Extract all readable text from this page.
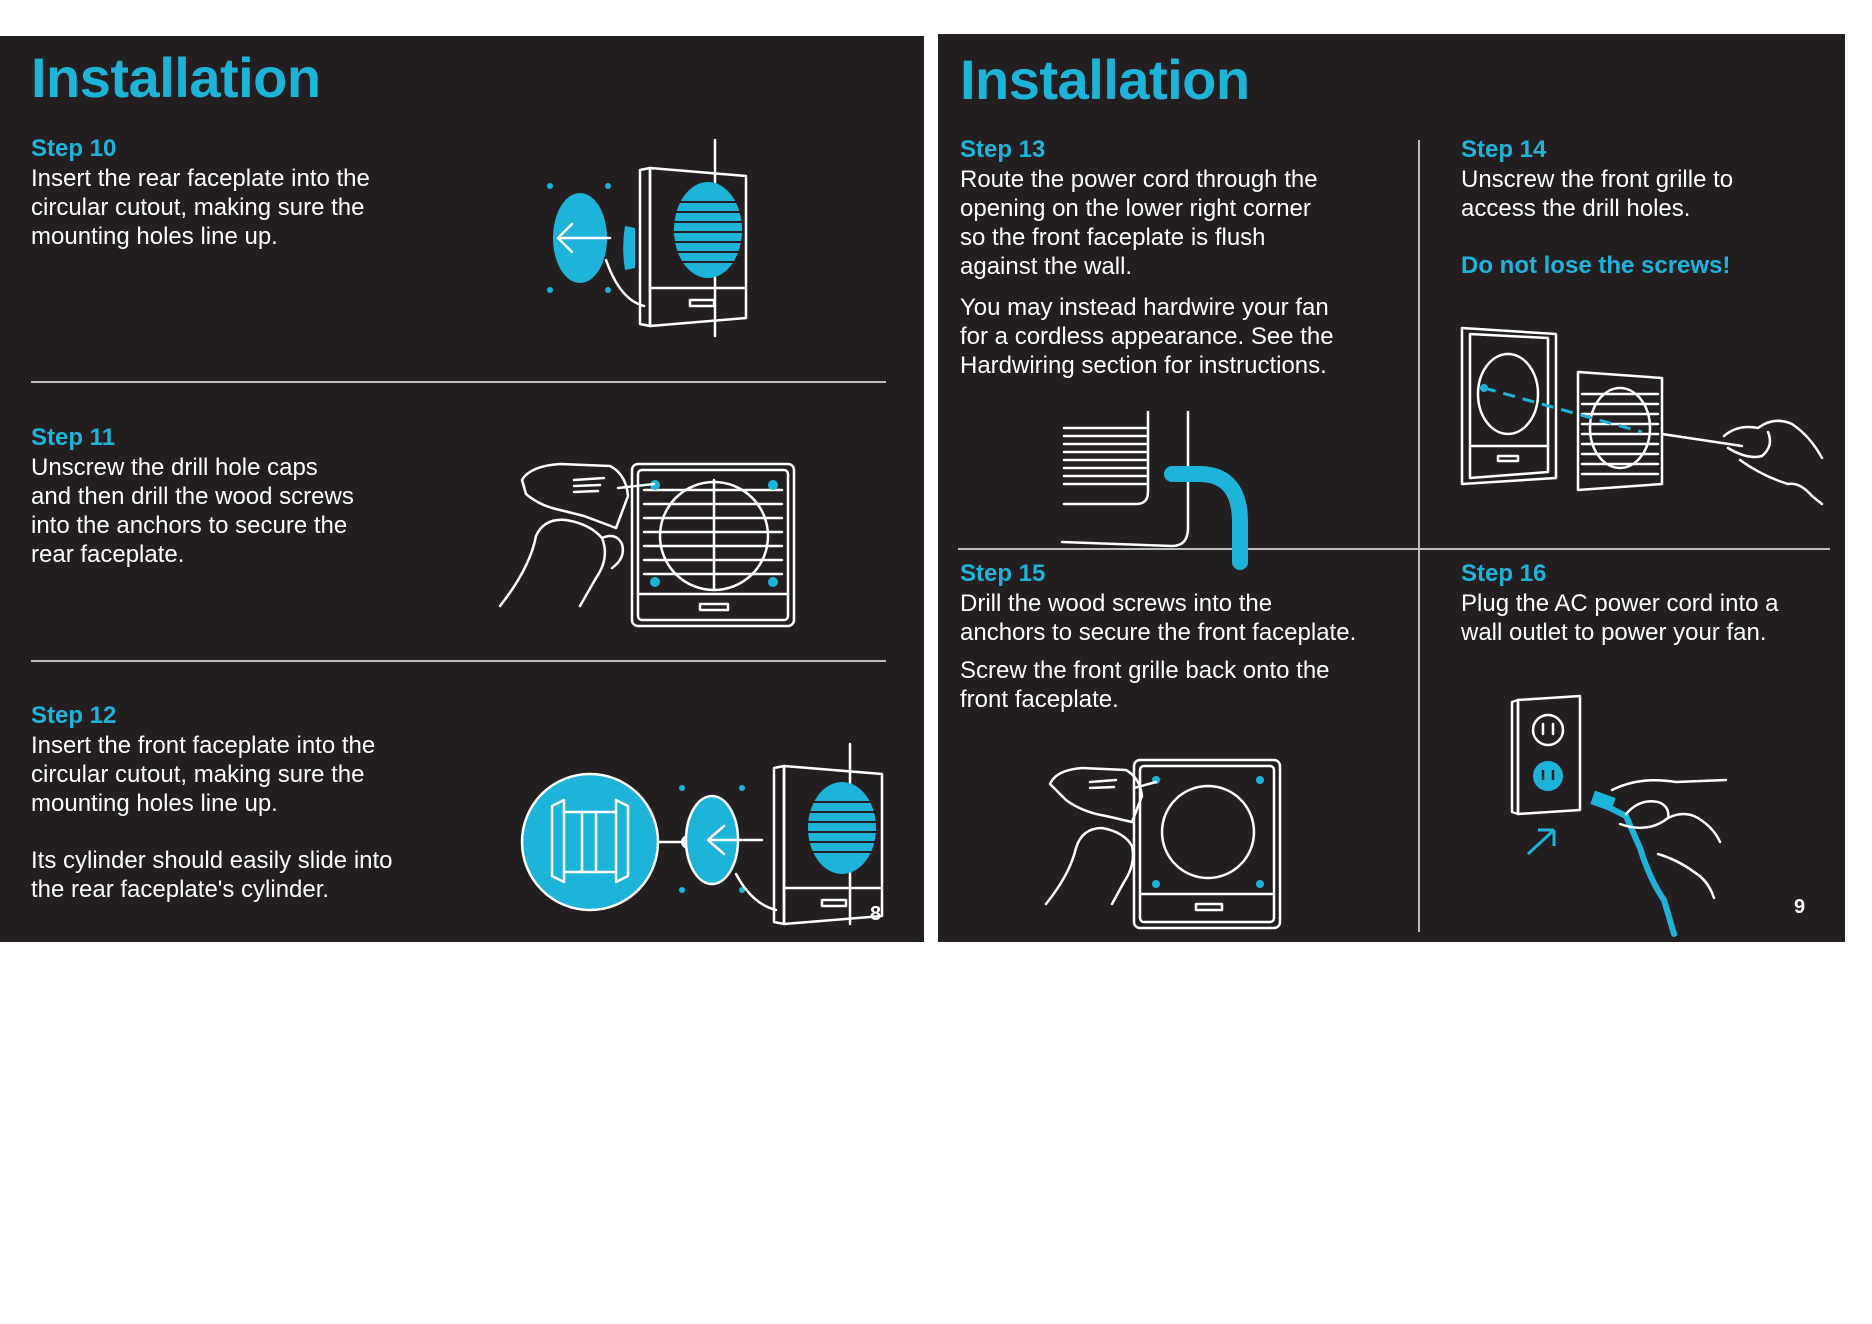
Installation
Step 10

Insert the rear faceplate into the
circular cutout, making sure the
mounting holes line up.

Step 11

Unscrew the drill hole caps
and then drill the wood screws
into the anchors to secure the
rear faceplate.

Step 12

Insert the front faceplate into the
circular cutout, making sure the
mounting holes line up.

Its cylinder should easily slide into
the rear faceplate's cylinder.

8

Installation
Step 13

Route the power cord through the
opening on the lower right corner
so the front faceplate is flush
against the wall.

You may instead hardwire your fan
for a cordless appearance. See the
Hardwiring section for instructions.

Step 14

Unscrew the front grille to
access the drill holes.

Do not lose the screws!

Step 15

Drill the wood screws into the
anchors to secure the front faceplate.

Screw the front grille back onto the
front faceplate.

Step 16

Plug the AC power cord into a
wall outlet to power your fan.

9
